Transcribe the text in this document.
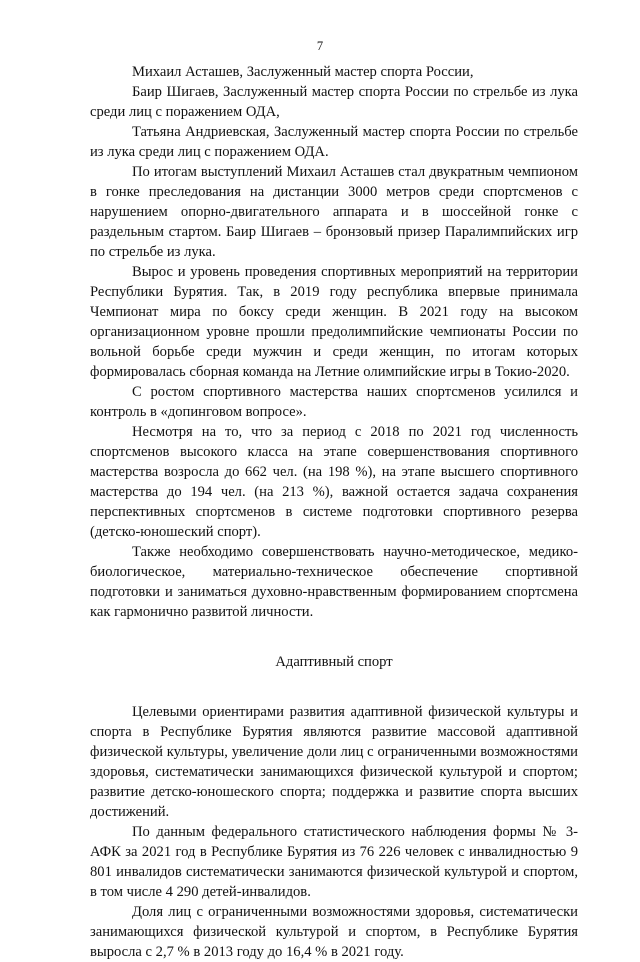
7

Михаил Асташев, Заслуженный мастер спорта России,

Баир Шигаев, Заслуженный мастер спорта России по стрельбе из лука среди лиц с поражением ОДА,

Татьяна Андриевская, Заслуженный мастер спорта России по стрельбе из лука среди лиц с поражением ОДА.

По итогам выступлений Михаил Асташев стал двукратным чемпионом в гонке преследования на дистанции 3000 метров среди спортсменов с нарушением опорно-двигательного аппарата и в шоссейной гонке с раздельным стартом. Баир Шигаев – бронзовый призер Паралимпийских игр по стрельбе из лука.

Вырос и уровень проведения спортивных мероприятий на территории Республики Бурятия. Так, в 2019 году республика впервые принимала Чемпионат мира по боксу среди женщин. В 2021 году на высоком организационном уровне прошли предолимпийские чемпионаты России по вольной борьбе среди мужчин и среди женщин, по итогам которых формировалась сборная команда на Летние олимпийские игры в Токио-2020.

С ростом спортивного мастерства наших спортсменов усилился и контроль в «допинговом вопросе».

Несмотря на то, что за период с 2018 по 2021 год численность спортсменов высокого класса на этапе совершенствования спортивного мастерства возросла до 662 чел. (на 198 %), на этапе высшего спортивного мастерства до 194 чел. (на 213 %), важной остается задача сохранения перспективных спортсменов в системе подготовки спортивного резерва (детско-юношеский спорт).

Также необходимо совершенствовать научно-методическое, медико-биологическое, материально-техническое обеспечение спортивной подготовки и заниматься духовно-нравственным формированием спортсмена как гармонично развитой личности.

Адаптивный спорт

Целевыми ориентирами развития адаптивной физической культуры и спорта в Республике Бурятия являются развитие массовой адаптивной физической культуры, увеличение доли лиц с ограниченными возможностями здоровья, систематически занимающихся физической культурой и спортом; развитие детско-юношеского спорта; поддержка и развитие спорта высших достижений.

По данным федерального статистического наблюдения формы № 3-АФК за 2021 год в Республике Бурятия из 76 226 человек с инвалидностью 9 801 инвалидов систематически занимаются физической культурой и спортом, в том числе 4 290 детей-инвалидов.

Доля лиц с ограниченными возможностями здоровья, систематически занимающихся физической культурой и спортом, в Республике Бурятия выросла с 2,7 % в 2013 году до 16,4 % в 2021 году.
